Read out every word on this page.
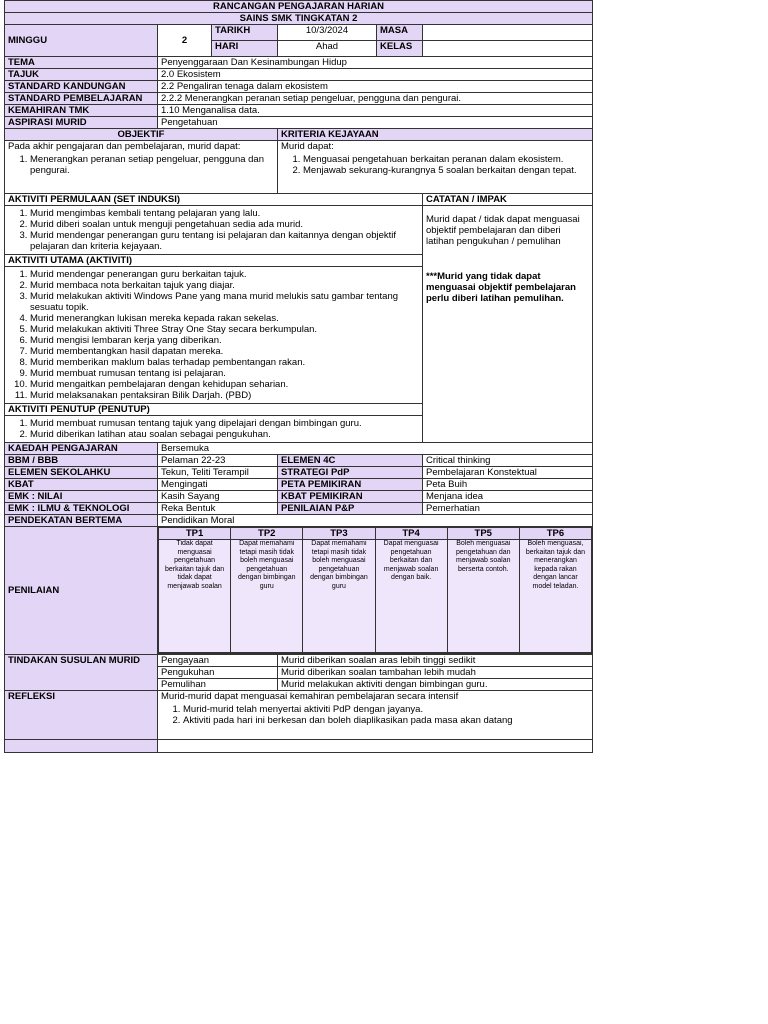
RANCANGAN PENGAJARAN HARIAN
SAINS SMK TINGKATAN 2
MINGGU	2	TARIKH	10/3/2024	MASA	
HARI	Ahad	KELAS	
TEMA	Penyenggaraan Dan Kesinambungan Hidup
TAJUK	2.0 Ekosistem
STANDARD KANDUNGAN	2.2 Pengaliran tenaga dalam ekosistem
STANDARD PEMBELAJARAN	2.2.2 Menerangkan peranan setiap pengeluar, pengguna dan pengurai.
KEMAHIRAN TMK	1.10 Menganalisa data.
ASPIRASI MURID	Pengetahuan
OBJEKTIF	KRITERIA KEJAYAAN

Pada akhir pengajaran dan pembelajaran, murid dapat:
1. Menerangkan peranan setiap pengeluar, pengguna dan pengurai.

Murid dapat:
1. Menguasai pengetahuan berkaitan peranan dalam ekosistem.
2. Menjawab sekurang-kurangnya 5 soalan berkaitan dengan tepat.

AKTIVITI PERMULAAN (SET INDUKSI)	CATATAN / IMPAK

1. Murid mengimbas kembali tentang pelajaran yang lalu.
2. Murid diberi soalan untuk menguji pengetahuan sedia ada murid.
3. Murid mendengar penerangan guru tentang isi pelajaran dan kaitannya dengan objektif pelajaran dan kriteria kejayaan.

Murid dapat / tidak dapat menguasai objektif pembelajaran dan diberi latihan pengukuhan / pemulihan
***Murid yang tidak dapat menguasai objektif pembelajaran perlu diberi latihan pemulihan.

AKTIVITI UTAMA (AKTIVITI)

1. Murid mendengar penerangan guru berkaitan tajuk.
2. Murid membaca nota berkaitan tajuk yang diajar.
3. Murid melakukan aktiviti Windows Pane yang mana murid melukis satu gambar tentang sesuatu topik.
4. Murid menerangkan lukisan mereka kepada rakan sekelas.
5. Murid melakukan aktiviti Three Stray One Stay secara berkumpulan.
6. Murid mengisi lembaran kerja yang diberikan.
7. Murid membentangkan hasil dapatan mereka.
8. Murid memberikan maklum balas terhadap pembentangan rakan.
9. Murid membuat rumusan tentang isi pelajaran.
10. Murid mengaitkan pembelajaran dengan kehidupan seharian.
11. Murid melaksanakan pentaksiran Bilik Darjah. (PBD)

AKTIVITI PENUTUP (PENUTUP)

1. Murid membuat rumusan tentang tajuk yang dipelajari dengan bimbingan guru.
2. Murid diberikan latihan atau soalan sebagai pengukuhan.

KAEDAH PENGAJARAN	Bersemuka
BBM / BBB	Pelaman 22-23	ELEMEN 4C	Critical thinking
ELEMEN SEKOLAHKU	Tekun, Teliti Terampil	STRATEGI PdP	Pembelajaran Konstektual
KBAT	Mengingati	PETA PEMIKIRAN	Peta Buih
EMK : NILAI	Kasih Sayang	KBAT PEMIKIRAN	Menjana idea
EMK : ILMU & TEKNOLOGI	Reka Bentuk	PENILAIAN P&P	Pemerhatian
PENDEKATAN BERTEMA	Pendidikan Moral
PENILAIAN	
TP1	TP2	TP3	TP4	TP5	TP6
Tidak dapat menguasai pengetahuan berkaitan tajuk dan tidak dapat menjawab soalan	Dapat memahami tetapi masih tidak boleh menguasai pengetahuan dengan bimbingan guru	Dapat memahami tetapi masih tidak boleh menguasai pengetahuan dengan bimbingan guru	Dapat menguasai pengetahuan berkaitan dan menjawab soalan dengan baik.	Boleh menguasai pengetahuan dan menjawab soalan berserta contoh.	Boleh menguasai, berkaitan tajuk dan menerangkan kepada rakan dengan lancar model teladan.

TINDAKAN SUSULAN MURID	Pengayaan	Murid diberikan soalan aras lebih tinggi sedikit
Pengukuhan	Murid diberikan soalan tambahan lebih mudah
Pemulihan	Murid melakukan aktiviti dengan bimbingan guru.
REFLEKSI	Murid-murid dapat menguasai kemahiran pembelajaran secara intensif
1. Murid-murid telah menyertai aktiviti PdP dengan jayanya.
2. Aktiviti pada hari ini berkesan dan boleh diaplikasikan pada masa akan datang
